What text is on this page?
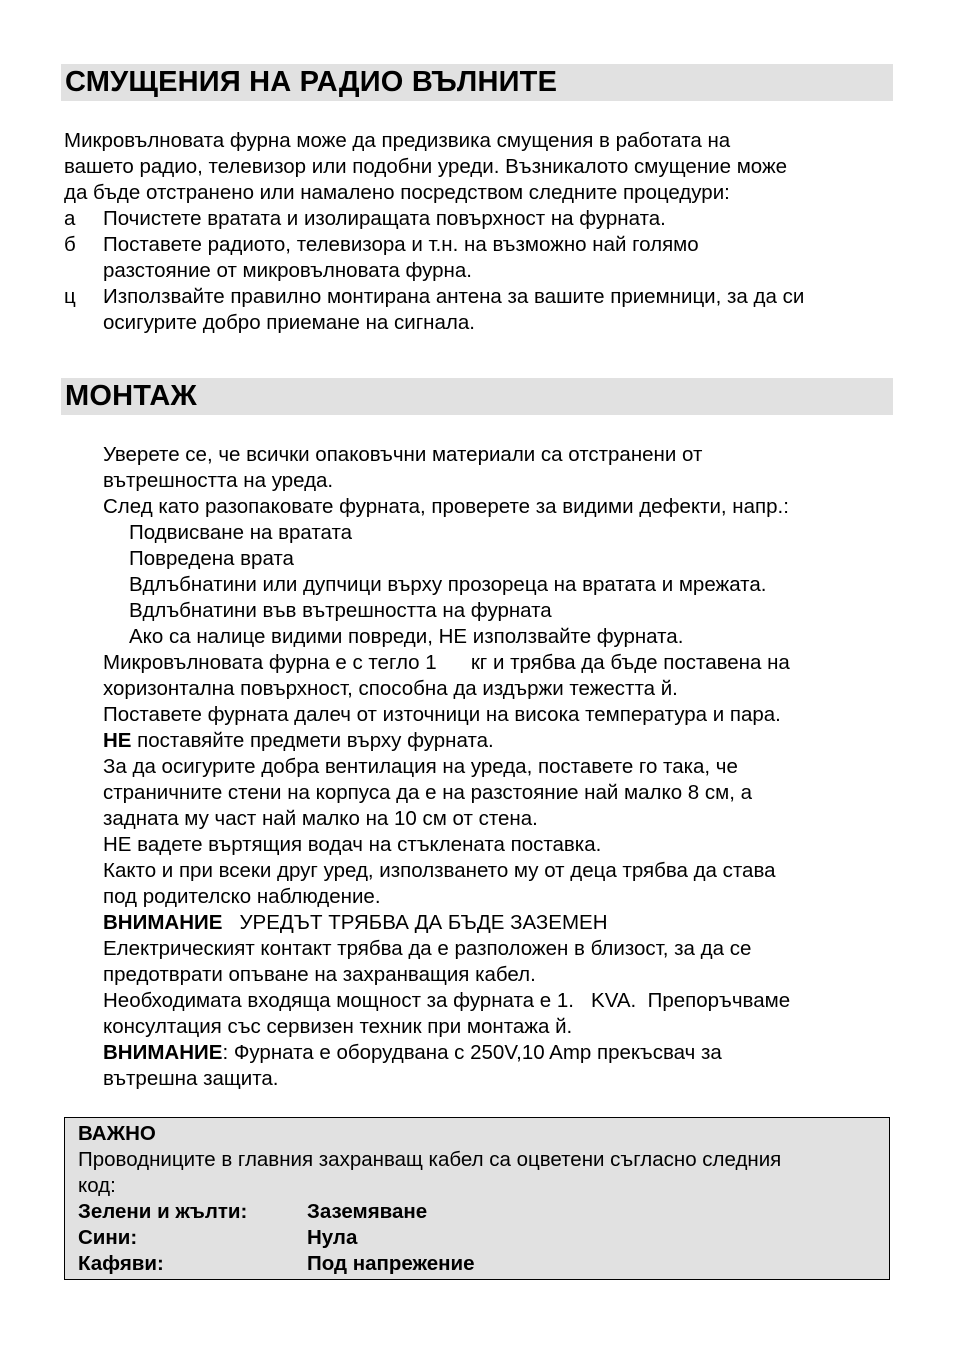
СМУЩЕНИЯ НА РАДИО ВЪЛНИТЕ
Микровълновата фурна може да предизвика смущения в работата на
вашето радио, телевизор или подобни уреди. Възникалото смущение може
да бъде отстранено или намалено посредством следните процедури:
а	Почистете вратата и изолиращата повърхност на фурната.
б	Поставете радиото, телевизора и т.н. на възможно най голямо
разстояние от микровълновата фурна.
ц	Използвайте правилно монтирана антена за вашите приемници, за да си
осигурите добро приемане на сигнала.
МОНТАЖ
Уверете се, че всички опаковъчни материали са отстранени от
вътрешността на уреда.
След като разопаковате фурната, проверете за видими дефекти, напр.:
Подвисване на вратата
Повредена врата
Вдлъбнатини или дупчици върху прозореца на вратата и мрежата.
Вдлъбнатини във вътрешността на фурната
Ако са налице видими повреди, НЕ използвайте фурната.
Микровълновата фурна е с тегло 1      кг и трябва да бъде поставена на
хоризонтална повърхност, способна да издържи тежестта й.
Поставете фурната далеч от източници на висока температура и пара.
НЕ поставяйте предмети върху фурната.
За да осигурите добра вентилация на уреда, поставете го така, че
страничните стени на корпуса да е на разстояние най малко 8 см, а
задната му част най малко на 10 см от стена.
НЕ вадете въртящия водач на стъклената поставка.
Както и при всеки друг уред, използването му от деца трябва да става
под родителско наблюдение.
ВНИМАНИЕ   УРЕДЪТ ТРЯБВА ДА БЪДЕ ЗАЗЕМЕН
Електрическият контакт трябва да е разположен в близост, за да се
предотврати опъване на захранващия кабел.
Необходимата входяща мощност за фурната е 1.   KVA.  Препоръчваме
консултация със сервизен техник при монтажа й.
ВНИМАНИЕ: Фурната е оборудвана с 250V,10 Amp прекъсвач за
вътрешна защита.
ВАЖНО
Проводниците в главния захранващ кабел са оцветени съгласно следния
код:
Зелени и жълти:	Заземяване
Сини:	Нула
Кафяви:	Под напрежение
